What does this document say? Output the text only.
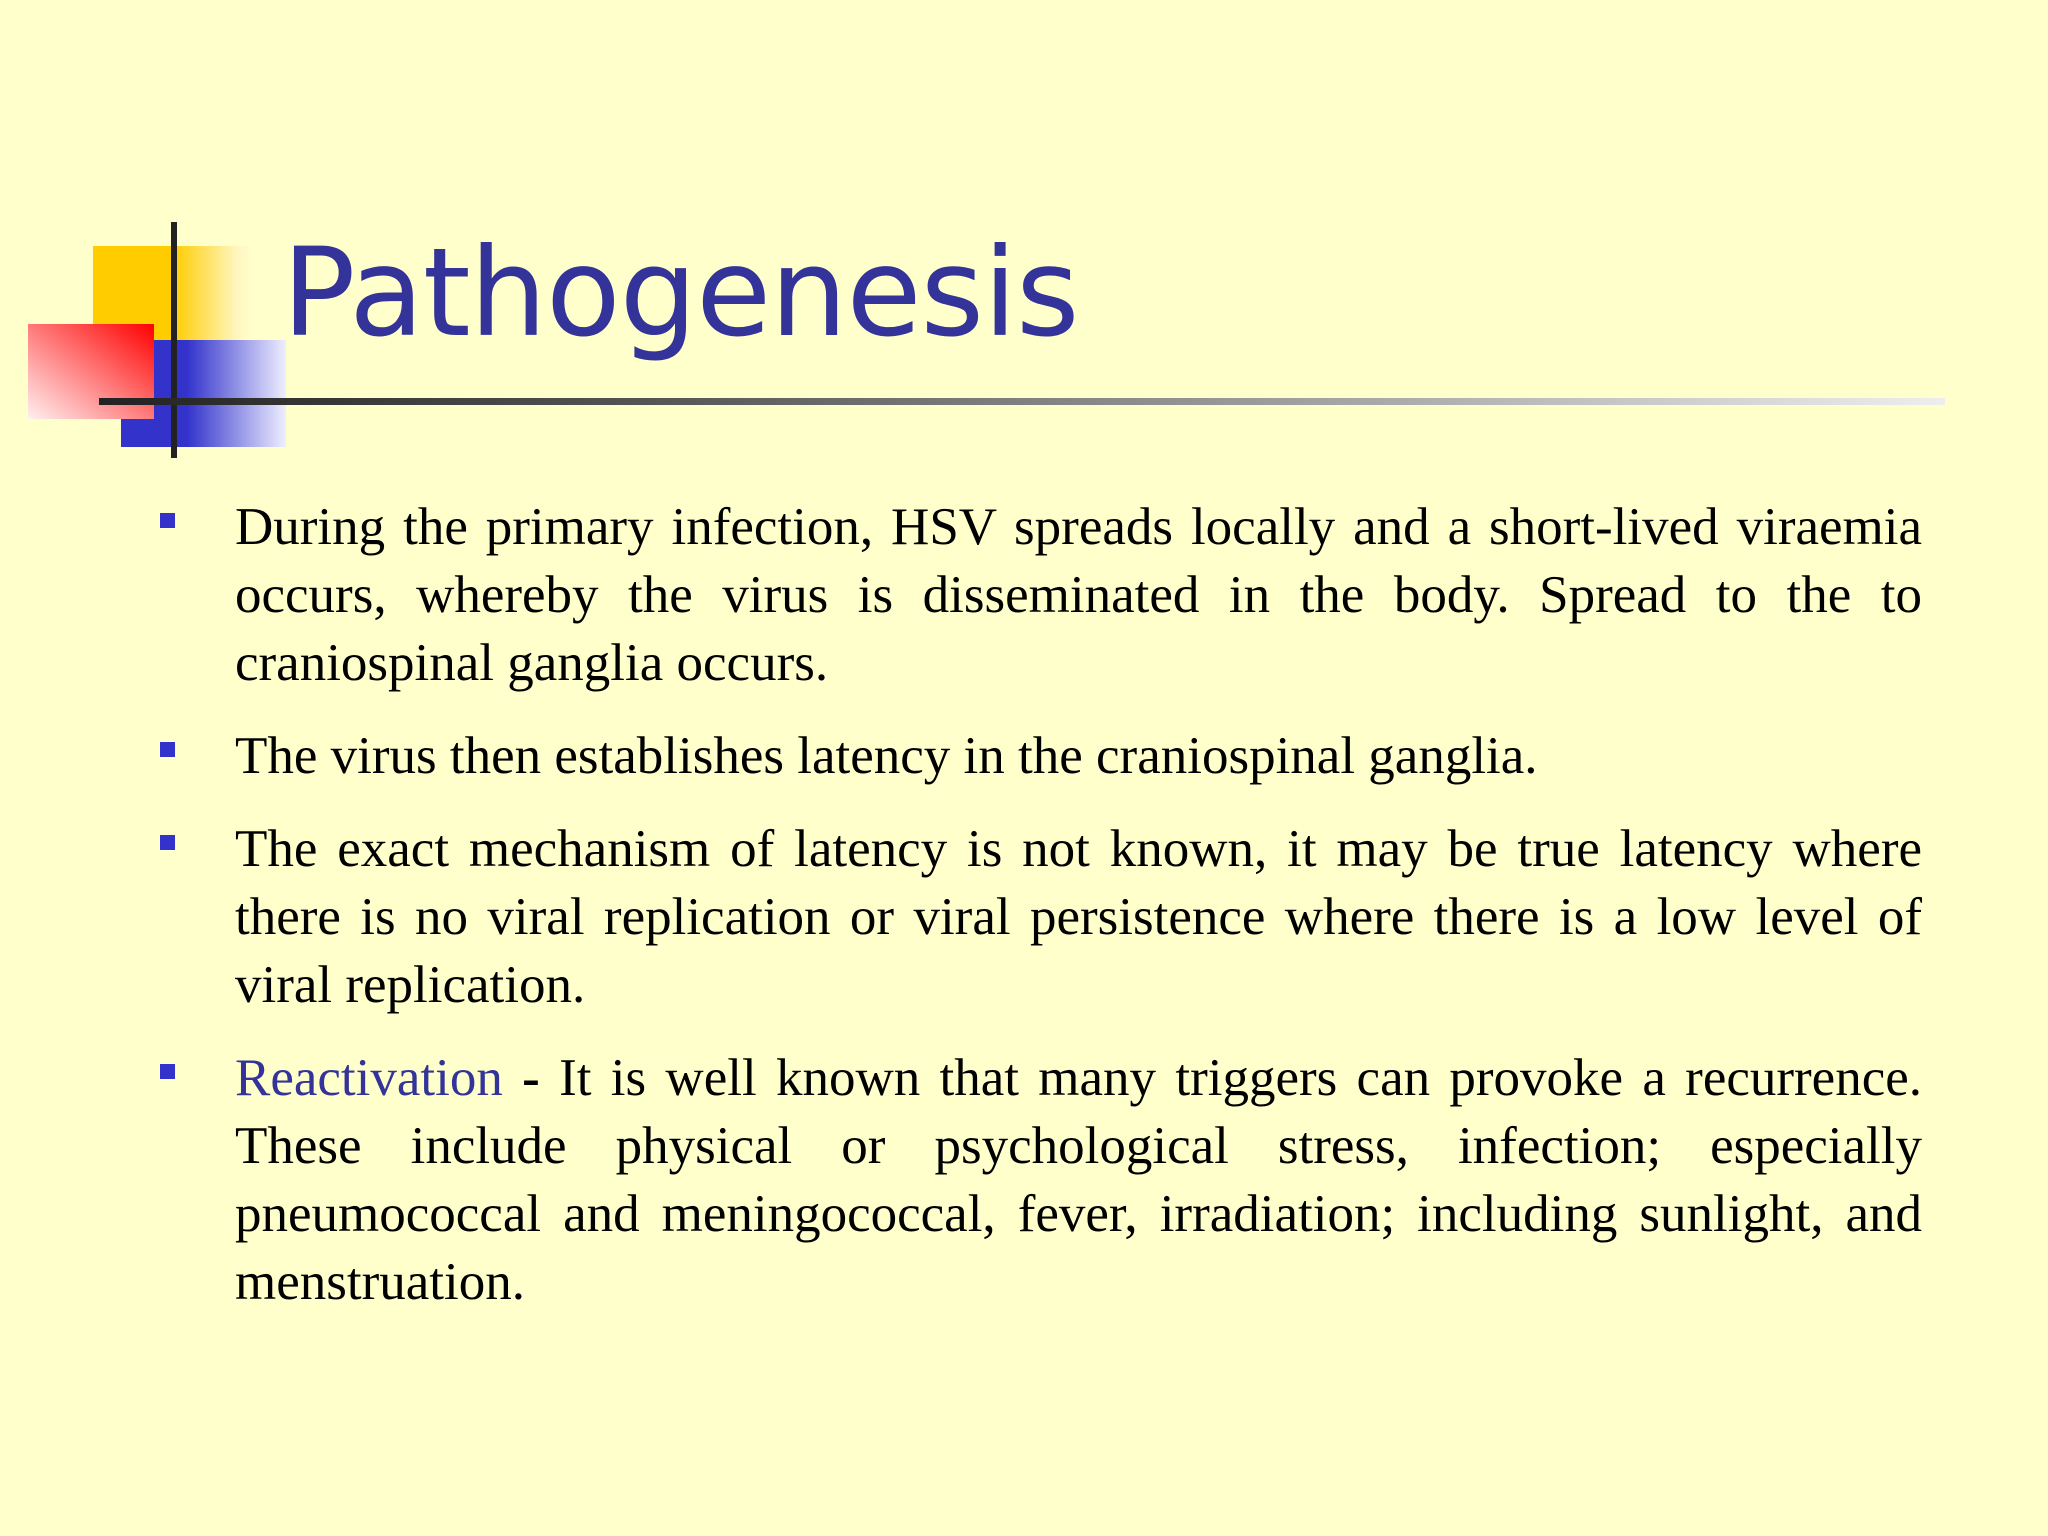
Pathogenesis
During the primary infection, HSV spreads locally and a short-lived viraemia occurs, whereby the virus is disseminated in the body. Spread to the to craniospinal ganglia occurs.
The virus then establishes latency in the craniospinal ganglia.
The exact mechanism of latency is not known, it may be true latency where there is no viral replication or viral persistence where there is a low level of viral replication.
Reactivation - It is well known that many triggers can provoke a recurrence. These include physical or psychological stress, infection; especially pneumococcal and meningococcal, fever, irradiation; including sunlight, and menstruation.
